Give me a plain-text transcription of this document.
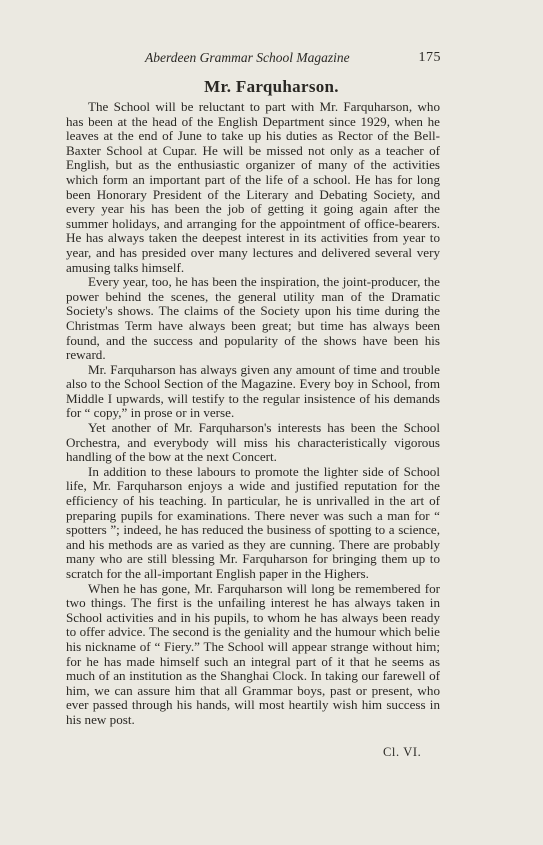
Aberdeen Grammar School Magazine	175
Mr. Farquharson.

The School will be reluctant to part with Mr. Farquharson, who has been at the head of the English Department since 1929, when he leaves at the end of June to take up his duties as Rector of the Bell-Baxter School at Cupar. He will be missed not only as a teacher of English, but as the enthusiastic organizer of many of the activities which form an important part of the life of a school. He has for long been Honorary President of the Literary and Debating Society, and every year his has been the job of getting it going again after the summer holidays, and arranging for the appointment of office-bearers. He has always taken the deepest interest in its activities from year to year, and has presided over many lectures and delivered several very amusing talks himself.

Every year, too, he has been the inspiration, the joint-producer, the power behind the scenes, the general utility man of the Dramatic Society's shows. The claims of the Society upon his time during the Christmas Term have always been great; but time has always been found, and the success and popularity of the shows have been his reward.

Mr. Farquharson has always given any amount of time and trouble also to the School Section of the Magazine. Every boy in School, from Middle I upwards, will testify to the regular insistence of his demands for “ copy,” in prose or in verse.

Yet another of Mr. Farquharson's interests has been the School Orchestra, and everybody will miss his characteristically vigorous handling of the bow at the next Concert.

In addition to these labours to promote the lighter side of School life, Mr. Farquharson enjoys a wide and justified reputation for the efficiency of his teaching. In particular, he is unrivalled in the art of preparing pupils for examinations. There never was such a man for “ spotters ”; indeed, he has reduced the business of spotting to a science, and his methods are as varied as they are cunning. There are probably many who are still blessing Mr. Farquharson for bringing them up to scratch for the all-important English paper in the Highers.

When he has gone, Mr. Farquharson will long be remembered for two things. The first is the unfailing interest he has always taken in School activities and in his pupils, to whom he has always been ready to offer advice. The second is the geniality and the humour which belie his nickname of “ Fiery.” The School will appear strange without him; for he has made himself such an integral part of it that he seems as much of an institution as the Shanghai Clock. In taking our farewell of him, we can assure him that all Grammar boys, past or present, who ever passed through his hands, will most heartily wish him success in his new post.

Cl. VI.
